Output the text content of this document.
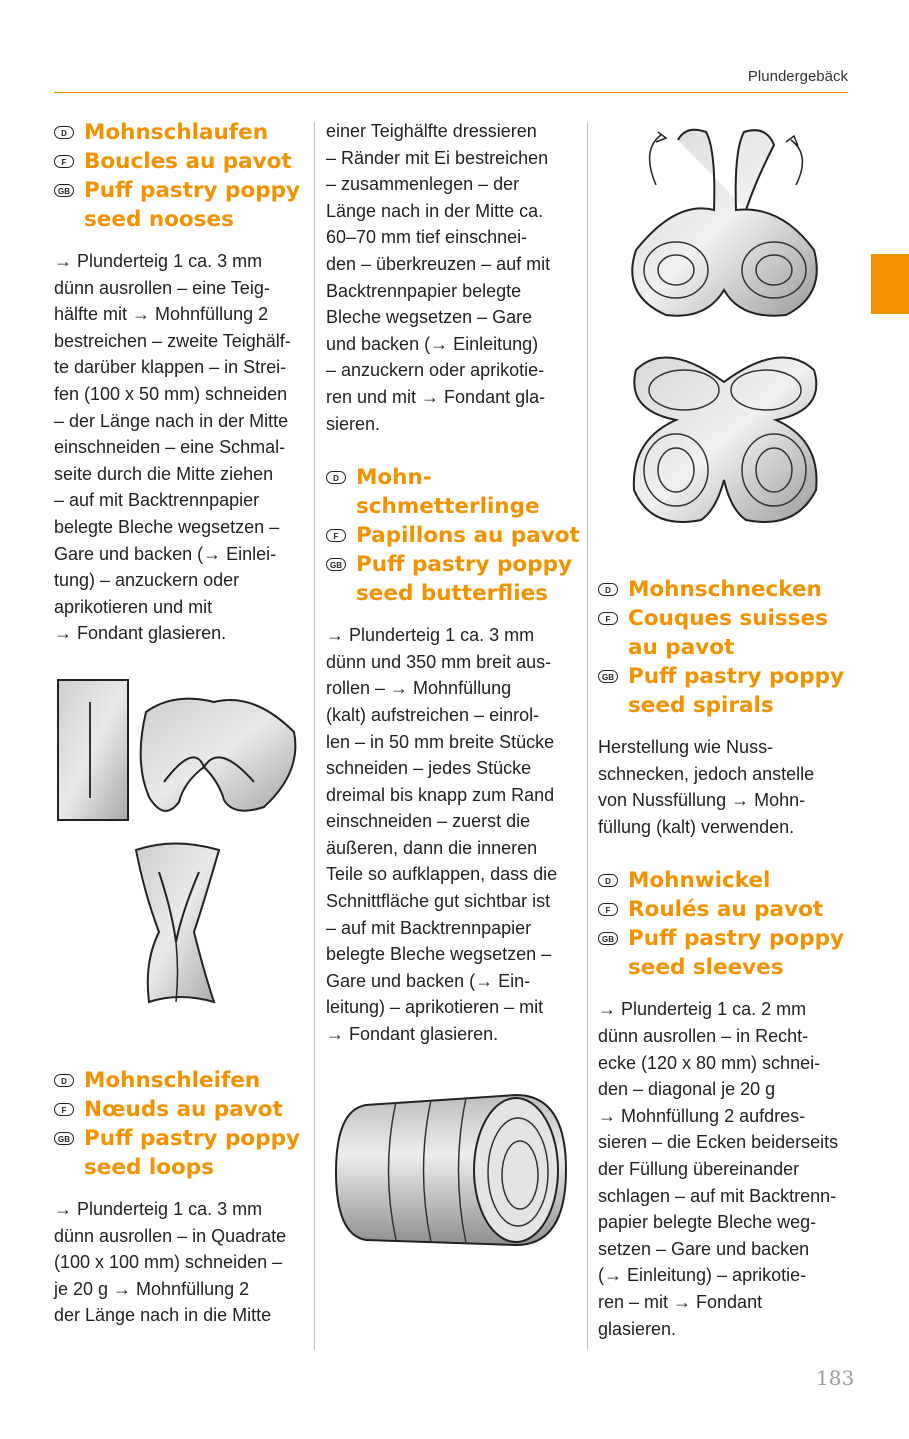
Plundergebäck
D Mohnschlaufen
F Boucles au pavot
GB Puff pastry poppy
seed nooses

→ Plunderteig 1 ca. 3 mm

dünn ausrollen – eine Teig-

hälfte mit → Mohnfüllung 2

bestreichen – zweite Teighälf-

te darüber klappen – in Strei-

fen (100 x 50 mm) schneiden

– der Länge nach in der Mitte

einschneiden – eine Schmal-

seite durch die Mitte ziehen

– auf mit Backtrennpapier

belegte Bleche wegsetzen –

Gare und backen (→ Einlei-

tung) – anzuckern oder

aprikotieren und mit

→ Fondant glasieren.

D Mohnschleifen
F Nœuds au pavot
GB Puff pastry poppy
seed loops

→ Plunderteig 1 ca. 3 mm

dünn ausrollen – in Quadrate

(100 x 100 mm) schneiden –

je 20 g → Mohnfüllung 2

der Länge nach in die Mitte

einer Teighälfte dressieren

– Ränder mit Ei bestreichen

– zusammenlegen – der

Länge nach in der Mitte ca.

60–70 mm tief einschnei-

den – überkreuzen – auf mit

Backtrennpapier belegte

Bleche wegsetzen – Gare

und backen (→ Einleitung)

– anzuckern oder aprikotie-

ren und mit → Fondant gla-

sieren.

D Mohn-
schmetterlinge
F Papillons au pavot
GB Puff pastry poppy
seed butterflies

→ Plunderteig 1 ca. 3 mm

dünn und 350 mm breit aus-

rollen – → Mohnfüllung

(kalt) aufstreichen – einrol-

len – in 50 mm breite Stücke

schneiden – jedes Stücke

dreimal bis knapp zum Rand

einschneiden – zuerst die

äußeren, dann die inneren

Teile so aufklappen, dass die

Schnittfläche gut sichtbar ist

– auf mit Backtrennpapier

belegte Bleche wegsetzen –

Gare und backen (→ Ein-

leitung) – aprikotieren – mit

→ Fondant glasieren.

D Mohnschnecken
F Couques suisses
au pavot
GB Puff pastry poppy
seed spirals

Herstellung wie Nuss-

schnecken, jedoch anstelle

von Nussfüllung → Mohn-

füllung (kalt) verwenden.

D Mohnwickel
F Roulés au pavot
GB Puff pastry poppy
seed sleeves

→ Plunderteig 1 ca. 2 mm

dünn ausrollen – in Recht-

ecke (120 x 80 mm) schnei-

den – diagonal je 20 g

→ Mohnfüllung 2 aufdres-

sieren – die Ecken beiderseits

der Füllung übereinander

schlagen – auf mit Backtrenn-

papier belegte Bleche weg-

setzen – Gare und backen

(→ Einleitung) – aprikotie-

ren – mit → Fondant

glasieren.

183
